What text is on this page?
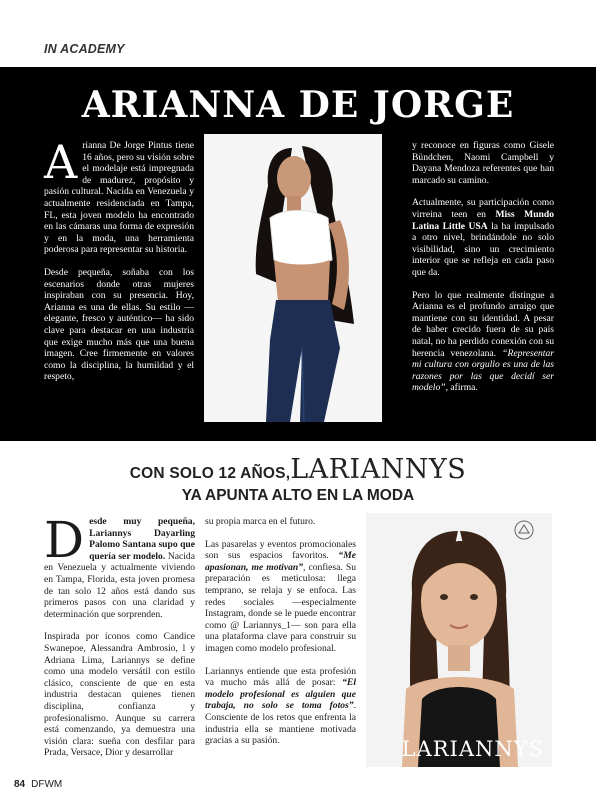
IN ACADEMY
ARIANNA DE JORGE

Arianna De Jorge Pintus tiene 16 años, pero su visión sobre el modelaje está impregnada de madurez, propósito y pasión cultural. Nacida en Venezuela y actualmente residenciada en Tampa, FL, esta joven modelo ha encontrado en las cámaras una forma de expresión y en la moda, una herramienta poderosa para representar su historia.

Desde pequeña, soñaba con los escenarios donde otras mujeres inspiraban con su presencia. Hoy, Arianna es una de ellas. Su estilo —elegante, fresco y auténtico— ha sido clave para destacar en una industria que exige mucho más que una buena imagen. Cree firmemente en valores como la disciplina, la humildad y el respeto,

y reconoce en figuras como Gisele Bündchen, Naomi Campbell y Dayana Mendoza referentes que han marcado su camino.

Actualmente, su participación como virreina teen en Miss Mundo Latina Little USA la ha impulsado a otro nivel, brindándole no solo visibilidad, sino un crecimiento interior que se refleja en cada paso que da.

Pero lo que realmente distingue a Arianna es el profundo arraigo que mantiene con su identidad. A pesar de haber crecido fuera de su país natal, no ha perdido conexión con su herencia venezolana. “Representar mi cultura con orgullo es una de las razones por las que decidí ser modelo”, afirma.

CON SOLO 12 AÑOS,LARIANNYS
YA APUNTA ALTO EN LA MODA

Desde muy pequeña, Lariannys Dayarling Palomo Santana supo que quería ser modelo. Nacida en Venezuela y actualmente viviendo en Tampa, Florida, esta joven promesa de tan solo 12 años está dando sus primeros pasos con una claridad y determinación que sorprenden.

Inspirada por íconos como Candice Swanepoe, Alessandra Ambrosio, l y Adriana Lima, Lariannys se define como una modelo versátil con estilo clásico, consciente de que en esta industria destacan quienes tienen disciplina, confianza y profesionalismo. Aunque su carrera está comenzando, ya demuestra una visión clara: sueña con desfilar para Prada, Versace, Dior y desarrollar

su propia marca en el futuro.

Las pasarelas y eventos promocionales son sus espacios favoritos. “Me apasionan, me motivan”, confiesa. Su preparación es meticulosa: llega temprano, se relaja y se enfoca. Las redes sociales —especialmente Instagram, donde se le puede encontrar como @ Lariannys_1— son para ella una plataforma clave para construir su imagen como modelo profesional.

Lariannys entiende que esta profesión va mucho más allá de posar: “El modelo profesional es alguien que trabaja, no solo se toma fotos”. Consciente de los retos que enfrenta la industria ella se mantiene motivada gracias a su pasión.	LARIANNYS
84 DFWM
